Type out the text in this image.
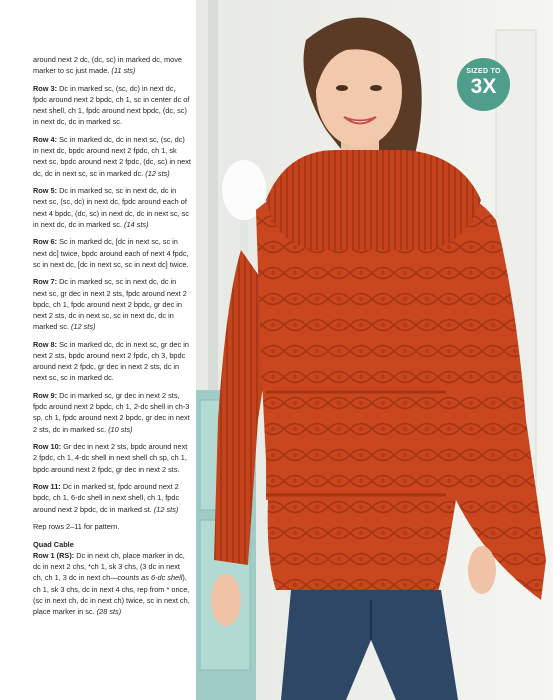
around next 2 dc, (dc, sc) in marked dc, move marker to sc just made. (11 sts)

Row 3: Dc in marked sc, (sc, dc) in next dc, fpdc around next 2 bpdc, ch 1, sc in center dc of next shell, ch 1, fpdc around next bpdc, (dc, sc) in next dc, dc in marked sc.

Row 4: Sc in marked dc, dc in next sc, (sc, dc) in next dc, bpdc around next 2 fpdc, ch 1, sk next sc, bpdc around next 2 fpdc, (dc, sc) in next dc, dc in next sc, sc in marked dc. (12 sts)

Row 5: Dc in marked sc, sc in next dc, dc in next sc, (sc, dc) in next dc, fpdc around each of next 4 bpdc, (dc, sc) in next dc, dc in next sc, sc in next dc, dc in marked sc. (14 sts)

Row 6: Sc in marked dc, [dc in next sc, sc in next dc] twice, bpdc around each of next 4 fpdc, sc in next dc, [dc in next sc, sc in next dc] twice.

Row 7: Dc in marked sc, sc in next dc, dc in next sc, gr dec in next 2 sts, fpdc around next 2 bpdc, ch 1, fpdc around next 2 bpdc, gr dec in next 2 sts, dc in next sc, sc in next dc, dc in marked sc. (12 sts)

Row 8: Sc in marked dc, dc in next sc, gr dec in next 2 sts, bpdc around next 2 fpdc, ch 3, bpdc around next 2 fpdc, gr dec in next 2 sts, dc in next sc, sc in marked dc.

Row 9: Dc in marked sc, gr dec in next 2 sts, fpdc around next 2 bpdc, ch 1, 2-dc shell in ch-3 sp, ch 1, fpdc around next 2 bpdc, gr dec in next 2 sts, dc in marked sc. (10 sts)

Row 10: Gr dec in next 2 sts, bpdc around next 2 fpdc, ch 1, 4-dc shell in next shell ch sp, ch 1, bpdc around next 2 fpdc, gr dec in next 2 sts.

Row 11: Dc in marked st, fpdc around next 2 bpdc, ch 1, 6-dc shell in next shell, ch 1, fpdc around next 2 bpdc, dc in marked st. (12 sts)

Rep rows 2–11 for pattern.

Quad Cable

Row 1 (RS): Dc in next ch, place marker in dc, dc in next 2 chs, *ch 1, sk 3 chs, (3 dc in next ch, ch 1, 3 dc in next ch—counts as 6-dc shell), ch 1, sk 3 chs, dc in next 4 chs, rep from * once, (sc in next ch, dc in next ch) twice, sc in next ch, place marker in sc. (28 sts)

SIZED TO
3X
